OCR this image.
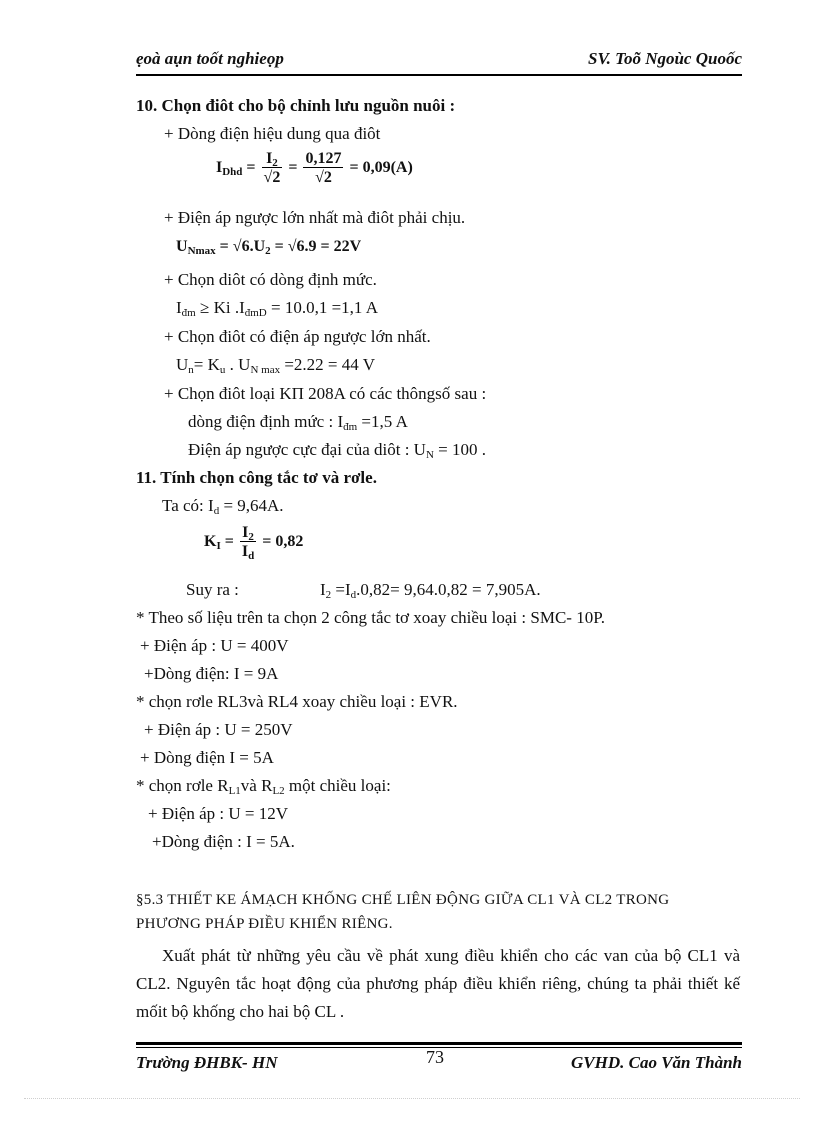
ẹoà aụn toốt nghieọp	SV. Toõ Ngoùc Quoốc
10. Chọn điôt cho bộ chỉnh lưu nguồn nuôi :
+ Dòng điện hiệu dung qua điôt
$I_{Dhd} = \frac{I_2}{√2} = \frac{0,127}{√2} = 0,09(A)$
+ Điện áp ngược lớn nhất mà điôt phải chịu.
$U_{Nmax} = √6.U_2 = √6.9 = 22V$
+ Chọn diôt có dòng định mức.
$I_{đm} \ge Ki$ $.I_{đmD} = 10.0,1 =1,1$ A
+ Chọn điôt có điện áp ngược lớn nhất.
$U_n= K_u$ . $U_{N max} =2.22 = 44$ V
+ Chọn điôt loại KП 208A có các thôngsố sau :
dòng điện định mức : $I_{đm} =1,5$ A
Điện áp ngược cực đại của diôt : $U_N = 100$ .
11. Tính chọn công tắc tơ và rơle.
Ta có: $I_d = 9,64A$.
$K_I = \frac{I_2}{I_d} = 0,82$
Suy ra :	$I_2 =I_d.0,82= 9,64.0,82 = 7,905A$.
* Theo số liệu trên ta chọn 2 công tắc tơ xoay chiều loại : SMC- 10P.
+ Điện áp : U = 400V
+Dòng điện: I = 9A
* chọn rơle RL3và RL4 xoay chiều loại : EVR.
+ Điện áp : U = 250V
+ Dòng điện I = 5A
* chọn rơle $R_{L1}và$ $R_{L2}$ một chiều loại:
+ Điện áp : U = 12V
+Dòng điện : I = 5A.
§5.3 THIẾT KE ÁMẠCH KHỐNG CHẾ LIÊN ĐỘNG GIỮA CL1 VÀ CL2 TRONG
PHƯƠNG PHÁP ĐIỀU KHIỂN RIÊNG.
Xuất phát từ những yêu cầu về phát xung điều khiển cho các van của bộ CL1 và CL2. Nguyên tắc hoạt động của phương pháp điều khiển riêng, chúng ta phải thiết kế mốit bộ khống cho hai bộ CL .
Trường ĐHBK- HN	73	GVHD. Cao Văn Thành
